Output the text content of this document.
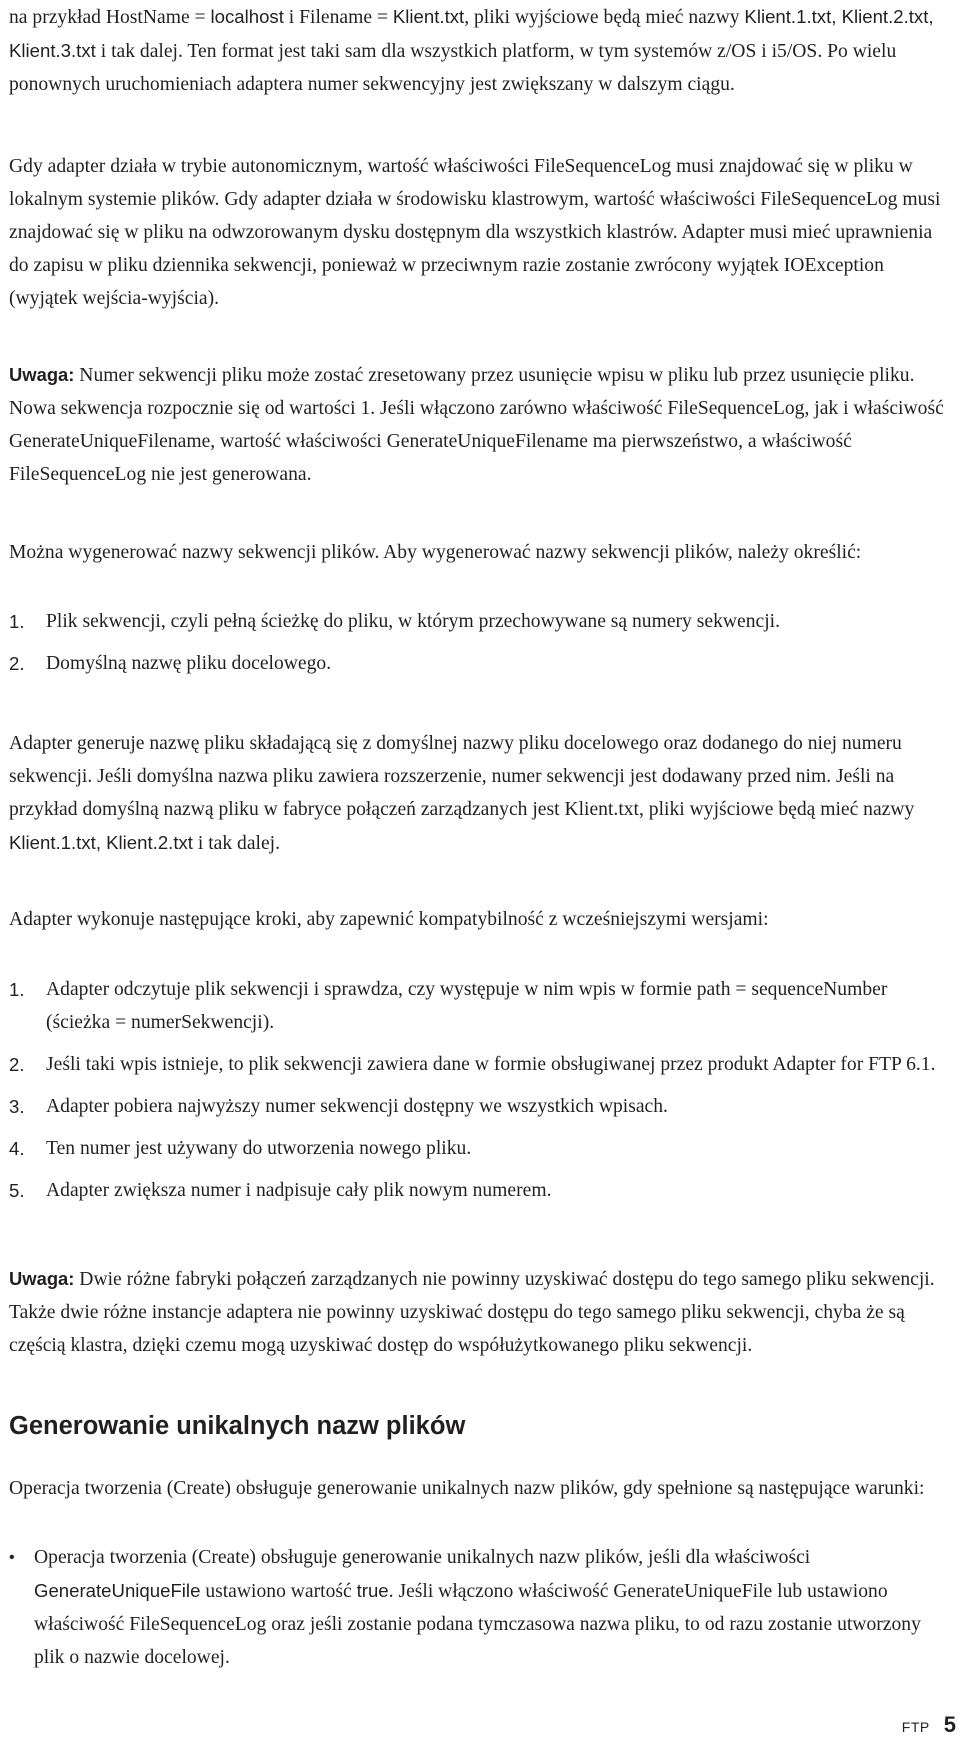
na przykład HostName = localhost i Filename = Klient.txt, pliki wyjściowe będą mieć nazwy Klient.1.txt, Klient.2.txt, Klient.3.txt i tak dalej. Ten format jest taki sam dla wszystkich platform, w tym systemów z/OS i i5/OS. Po wielu ponownych uruchomieniach adaptera numer sekwencyjny jest zwiększany w dalszym ciągu.

Gdy adapter działa w trybie autonomicznym, wartość właściwości FileSequenceLog musi znajdować się w pliku w lokalnym systemie plików. Gdy adapter działa w środowisku klastrowym, wartość właściwości FileSequenceLog musi znajdować się w pliku na odwzorowanym dysku dostępnym dla wszystkich klastrów. Adapter musi mieć uprawnienia do zapisu w pliku dziennika sekwencji, ponieważ w przeciwnym razie zostanie zwrócony wyjątek IOException (wyjątek wejścia-wyjścia).

Uwaga: Numer sekwencji pliku może zostać zresetowany przez usunięcie wpisu w pliku lub przez usunięcie pliku. Nowa sekwencja rozpocznie się od wartości 1. Jeśli włączono zarówno właściwość FileSequenceLog, jak i właściwość GenerateUniqueFilename, wartość właściwości GenerateUniqueFilename ma pierwszeństwo, a właściwość FileSequenceLog nie jest generowana.

Można wygenerować nazwy sekwencji plików. Aby wygenerować nazwy sekwencji plików, należy określić:

1. Plik sekwencji, czyli pełną ścieżkę do pliku, w którym przechowywane są numery sekwencji.
2. Domyślną nazwę pliku docelowego.

Adapter generuje nazwę pliku składającą się z domyślnej nazwy pliku docelowego oraz dodanego do niej numeru sekwencji. Jeśli domyślna nazwa pliku zawiera rozszerzenie, numer sekwencji jest dodawany przed nim. Jeśli na przykład domyślną nazwą pliku w fabryce połączeń zarządzanych jest Klient.txt, pliki wyjściowe będą mieć nazwy Klient.1.txt, Klient.2.txt i tak dalej.

Adapter wykonuje następujące kroki, aby zapewnić kompatybilność z wcześniejszymi wersjami:

1. Adapter odczytuje plik sekwencji i sprawdza, czy występuje w nim wpis w formie path = sequenceNumber (ścieżka = numerSekwencji).
2. Jeśli taki wpis istnieje, to plik sekwencji zawiera dane w formie obsługiwanej przez produkt Adapter for FTP 6.1.
3. Adapter pobiera najwyższy numer sekwencji dostępny we wszystkich wpisach.
4. Ten numer jest używany do utworzenia nowego pliku.
5. Adapter zwiększa numer i nadpisuje cały plik nowym numerem.

Uwaga: Dwie różne fabryki połączeń zarządzanych nie powinny uzyskiwać dostępu do tego samego pliku sekwencji. Także dwie różne instancje adaptera nie powinny uzyskiwać dostępu do tego samego pliku sekwencji, chyba że są częścią klastra, dzięki czemu mogą uzyskiwać dostęp do współużytkowanego pliku sekwencji.

Generowanie unikalnych nazw plików

Operacja tworzenia (Create) obsługuje generowanie unikalnych nazw plików, gdy spełnione są następujące warunki:

• Operacja tworzenia (Create) obsługuje generowanie unikalnych nazw plików, jeśli dla właściwości GenerateUniqueFile ustawiono wartość true. Jeśli włączono właściwość GenerateUniqueFile lub ustawiono właściwość FileSequenceLog oraz jeśli zostanie podana tymczasowa nazwa pliku, to od razu zostanie utworzony plik o nazwie docelowej.
FTP 5
